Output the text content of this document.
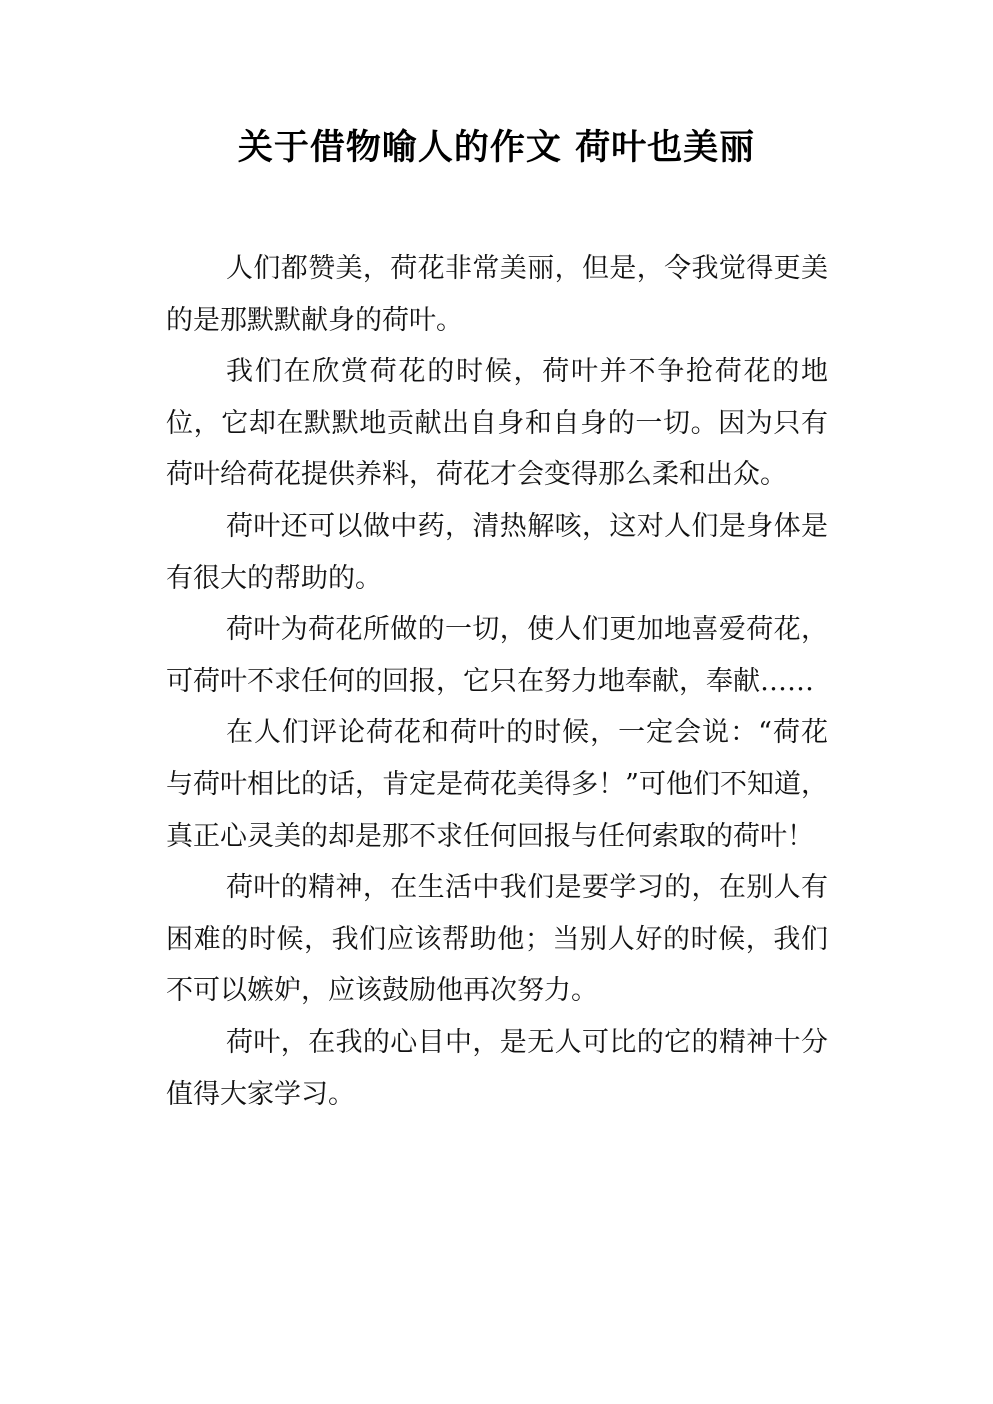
关于借物喻人的作文 荷叶也美丽

人们都赞美，荷花非常美丽，但是，令我觉得更美的是那默默献身的荷叶。

我们在欣赏荷花的时候，荷叶并不争抢荷花的地位，它却在默默地贡献出自身和自身的一切。因为只有荷叶给荷花提供养料，荷花才会变得那么柔和出众。

荷叶还可以做中药，清热解咳，这对人们是身体是有很大的帮助的。

荷叶为荷花所做的一切，使人们更加地喜爱荷花，可荷叶不求任何的回报，它只在努力地奉献，奉献……

在人们评论荷花和荷叶的时候，一定会说：“荷花与荷叶相比的话，肯定是荷花美得多！”可他们不知道，真正心灵美的却是那不求任何回报与任何索取的荷叶！

荷叶的精神，在生活中我们是要学习的，在别人有困难的时候，我们应该帮助他；当别人好的时候，我们不可以嫉妒，应该鼓励他再次努力。

荷叶，在我的心目中，是无人可比的它的精神十分值得大家学习。
